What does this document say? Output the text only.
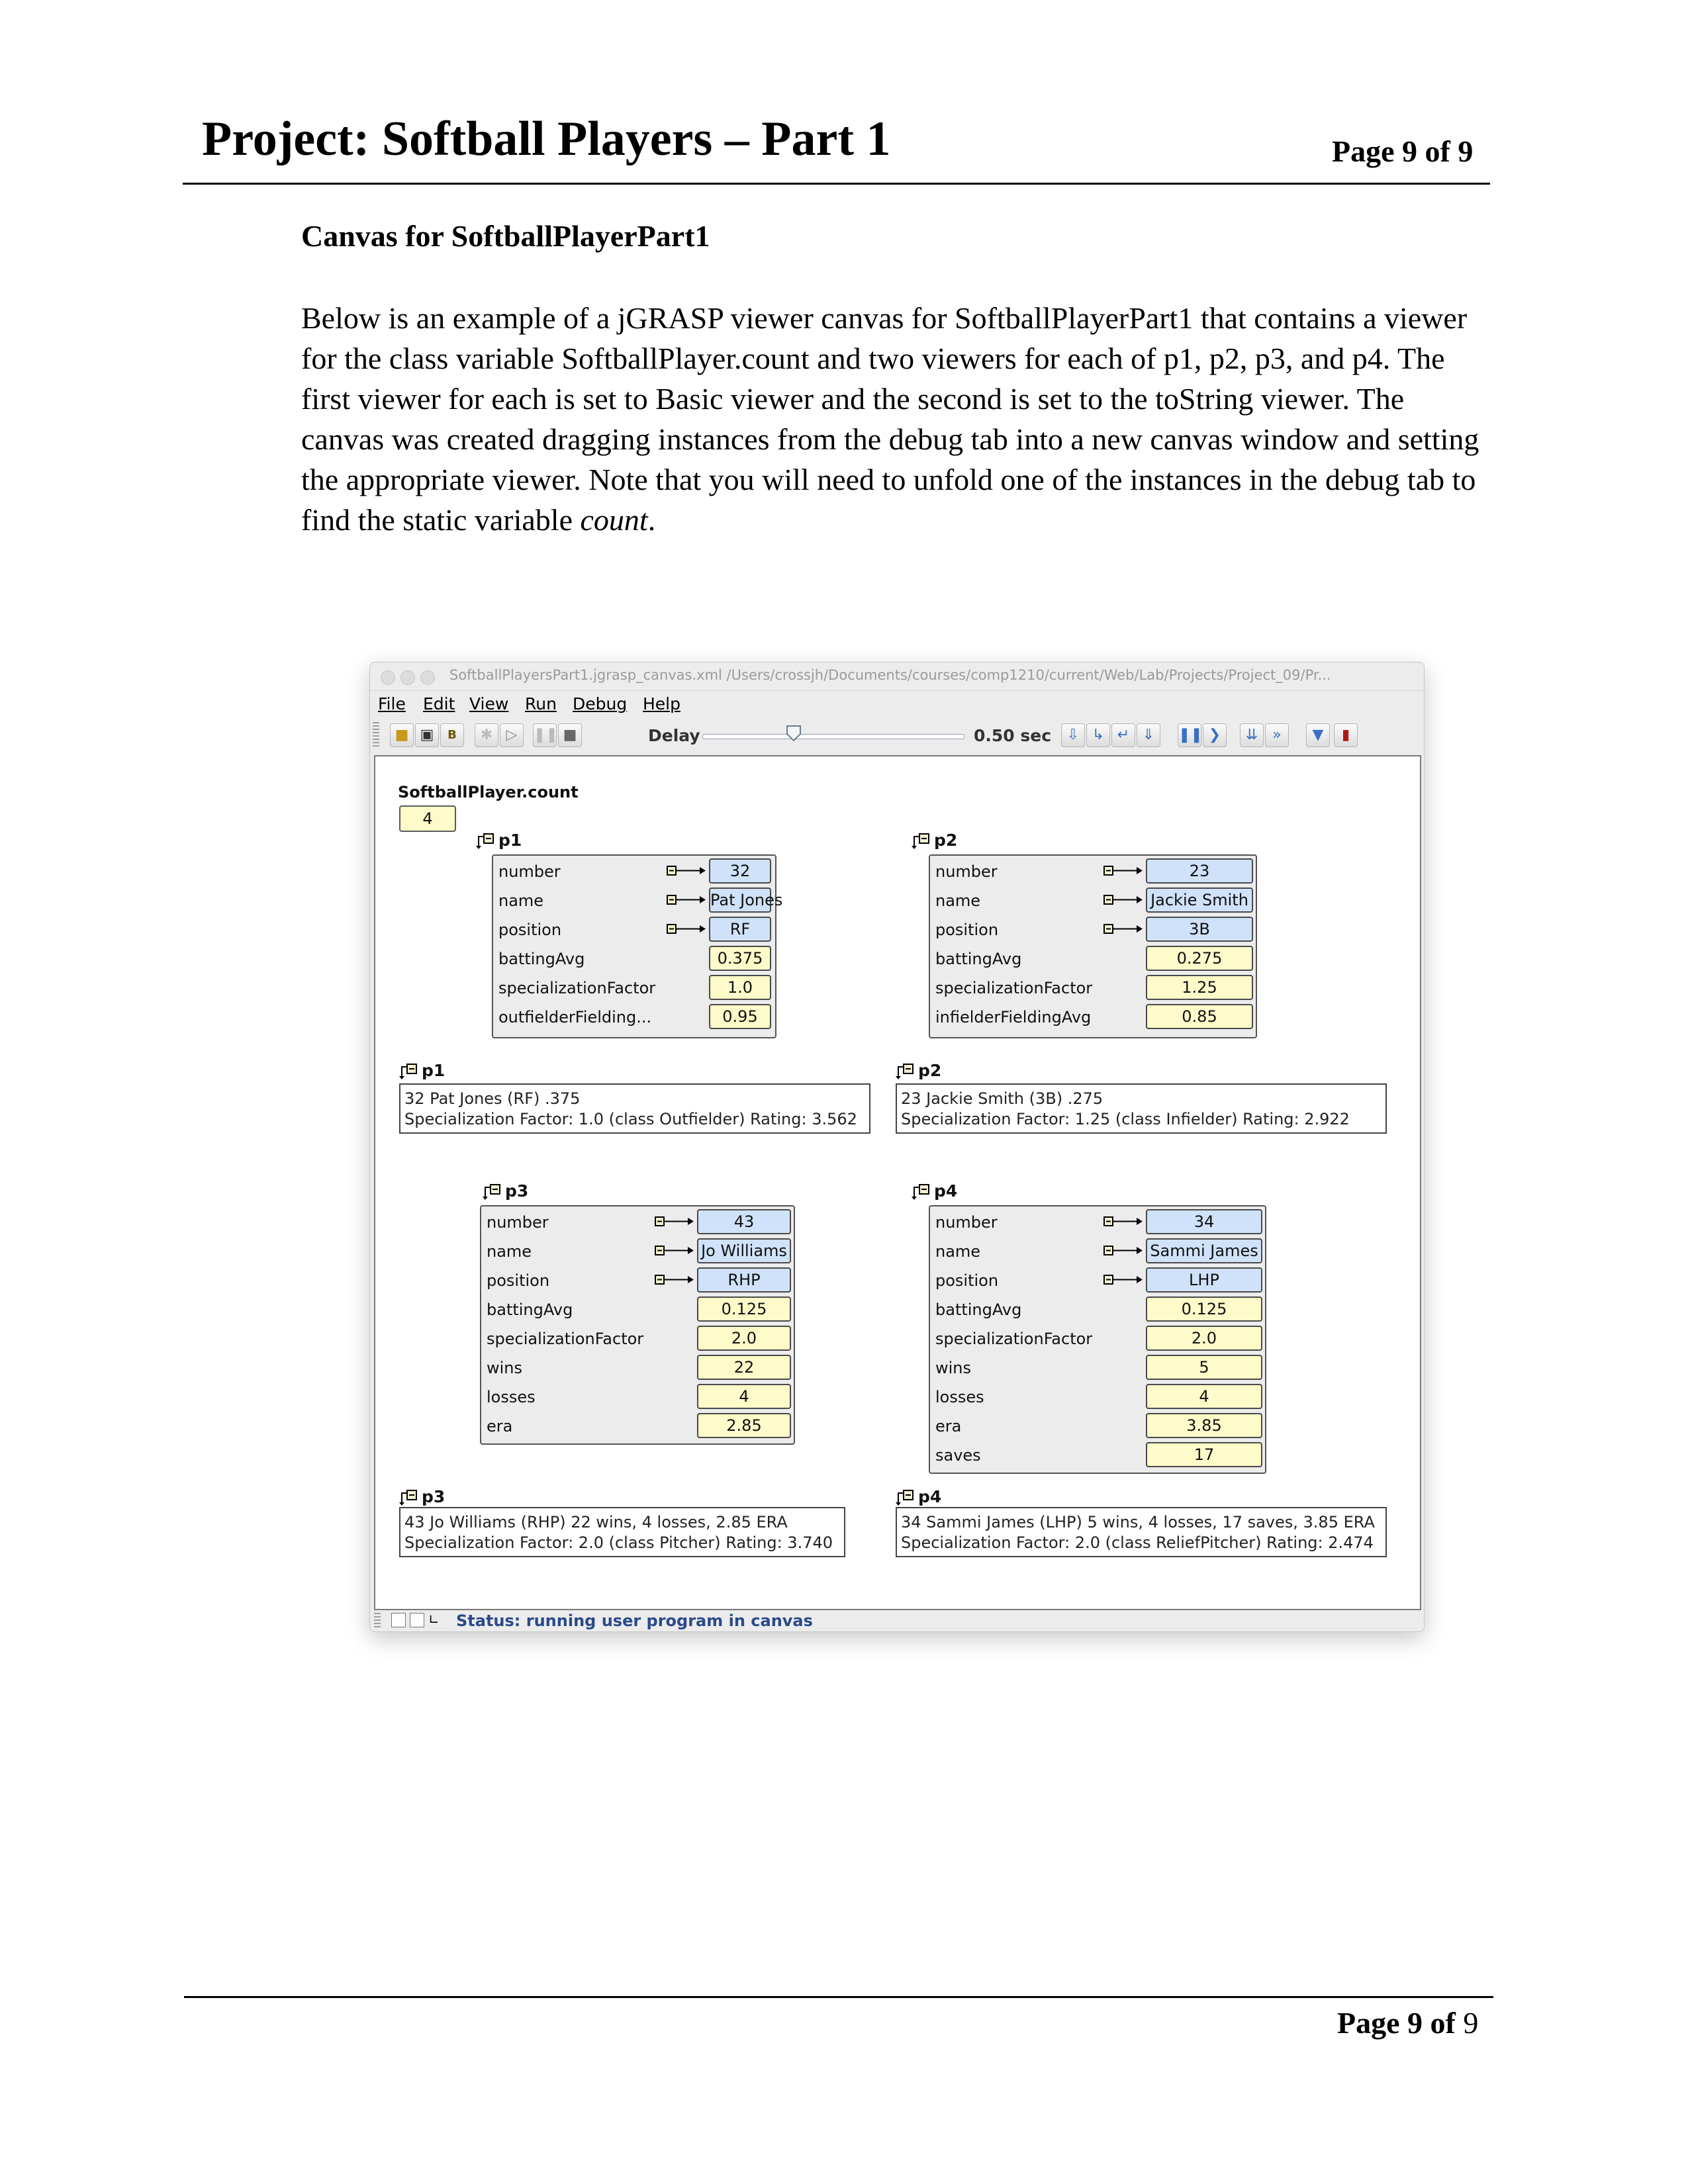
Project: Softball Players – Part 1	Page 9 of 9
Canvas for SoftballPlayerPart1
Below is an example of a jGRASP viewer canvas for SoftballPlayerPart1 that contains a viewer for the class variable SoftballPlayer.count and two viewers for each of p1, p2, p3, and p4. The first viewer for each is set to Basic viewer and the second is set to the toString viewer. The canvas was created dragging instances from the debug tab into a new canvas window and setting the appropriate viewer. Note that you will need to unfold one of the instances in the debug tab to find the static variable count.
SoftballPlayersPart1.jgrasp_canvas.xml /Users/crossjh/Documents/courses/comp1210/current/Web/Lab/Projects/Project_09/Pr...
File Edit View Run Debug Help
■ ▣	B	✱ ▷	❚❚ ■	Delay	0.50 sec	⇩ ↳ ↵ ⇓	❚❚ ❯	⇊	»	▼	▮
SoftballPlayer.count
4
p1
number	32
name	Pat Jones
position	RF
battingAvg	0.375
specializationFactor	1.0
outfielderFielding...	0.95
p2
number	23
name	Jackie Smith
position	3B
battingAvg	0.275
specializationFactor	1.25
infielderFieldingAvg	0.85
p1
32 Pat Jones (RF) .375
Specialization Factor: 1.0 (class Outfielder) Rating: 3.562
p2
23 Jackie Smith (3B) .275
Specialization Factor: 1.25 (class Infielder) Rating: 2.922
p3
number	43
name	Jo Williams
position	RHP
battingAvg	0.125
specializationFactor	2.0
wins	22
losses	4
era	2.85
p4
number	34
name	Sammi James
position	LHP
battingAvg	0.125
specializationFactor	2.0
wins	5
losses	4
era	3.85
saves	17
p3
43 Jo Williams (RHP) 22 wins, 4 losses, 2.85 ERA
Specialization Factor: 2.0 (class Pitcher) Rating: 3.740
p4
34 Sammi James (LHP) 5 wins, 4 losses, 17 saves, 3.85 ERA
Specialization Factor: 2.0 (class ReliefPitcher) Rating: 2.474
∟ Status: running user program in canvas
Page 9 of 9
